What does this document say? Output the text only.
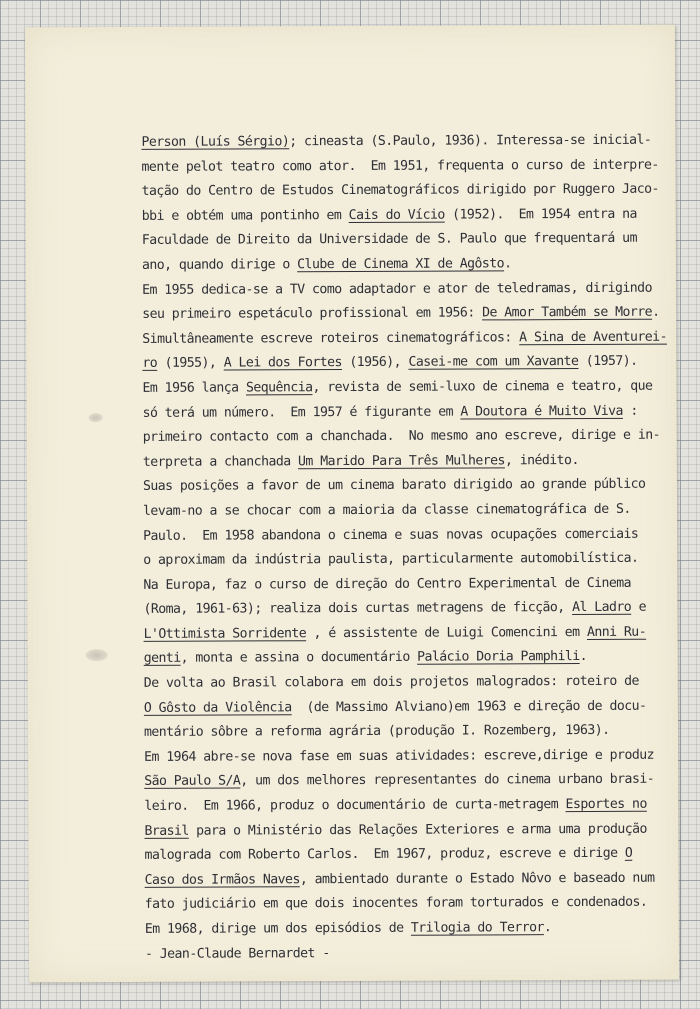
Person (Luís Sérgio); cineasta (S.Paulo, 1936). Interessa-se inicial-
mente pelot teatro como ator.  Em 1951, frequenta o curso de interpre-
tação do Centro de Estudos Cinematográficos dirigido por Ruggero Jaco-
bbi e obtém uma pontinho em Cais do Vício (1952).  Em 1954 entra na
Faculdade de Direito da Universidade de S. Paulo que frequentará um
ano, quando dirige o Clube de Cinema XI de Agôsto.
Em 1955 dedica-se a TV como adaptador e ator de teledramas, dirigindo
seu primeiro espetáculo profissional em 1956: De Amor Também se Morre.
Simultâneamente escreve roteiros cinematográficos: A Sina de Aventurei-
ro (1955), A Lei dos Fortes (1956), Casei-me com um Xavante (1957).
Em 1956 lança Sequência, revista de semi-luxo de cinema e teatro, que
só terá um número.  Em 1957 é figurante em A Doutora é Muito Viva :
primeiro contacto com a chanchada.  No mesmo ano escreve, dirige e in-
terpreta a chanchada Um Marido Para Três Mulheres, inédito.
Suas posições a favor de um cinema barato dirigido ao grande público
levam-no a se chocar com a maioria da classe cinematográfica de S.
Paulo.  Em 1958 abandona o cinema e suas novas ocupações comerciais
o aproximam da indústria paulista, particularmente automobilística.
Na Europa, faz o curso de direção do Centro Experimental de Cinema
(Roma, 1961-63); realiza dois curtas metragens de ficção, Al Ladro e
L'Ottimista Sorridente , é assistente de Luigi Comencini em Anni Ru-
genti, monta e assina o documentário Palácio Doria Pamphili.
De volta ao Brasil colabora em dois projetos malogrados: roteiro de
O Gôsto da Violência  (de Massimo Alviano)em 1963 e direção de docu-
mentário sôbre a reforma agrária (produção I. Rozemberg, 1963).
Em 1964 abre-se nova fase em suas atividades: escreve,dirige e produz
São Paulo S/A, um dos melhores representantes do cinema urbano brasi-
leiro.  Em 1966, produz o documentário de curta-metragem Esportes no
Brasil para o Ministério das Relações Exteriores e arma uma produção
malograda com Roberto Carlos.  Em 1967, produz, escreve e dirige O
Caso dos Irmãos Naves, ambientado durante o Estado Nôvo e baseado num
fato judiciário em que dois inocentes foram torturados e condenados.
Em 1968, dirige um dos episódios de Trilogia do Terror.
- Jean-Claude Bernardet -
